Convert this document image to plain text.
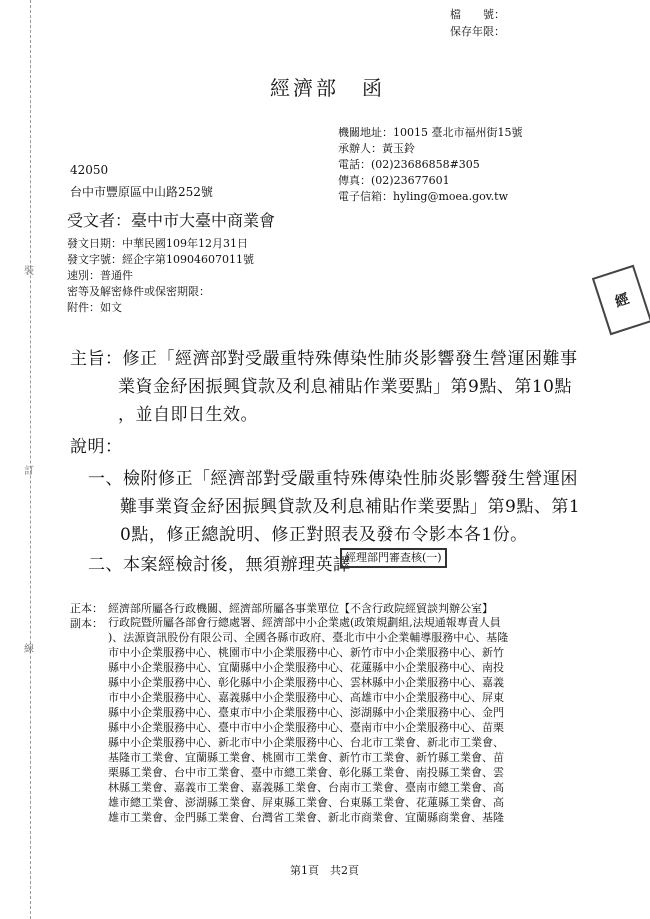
裝
訂
線
檔　　號：
保存年限：
經濟部　函
機關地址：10015 臺北市福州街15號
承辦人：黃玉鈴
電話：(02)23686858#305
傳真：(02)23677601
電子信箱：hyling@moea.gov.tw
42050
台中市豐原區中山路252號
受文者：臺中市大臺中商業會
發文日期：中華民國109年12月31日
發文字號：經企字第10904607011號
速別：普通件
密等及解密條件或保密期限：
附件：如文	經
主旨：修正「經濟部對受嚴重特殊傳染性肺炎影響發生營運困難事
業資金紓困振興貸款及利息補貼作業要點」第9點、第10點
，並自即日生效。
說明：
一、檢附修正「經濟部對受嚴重特殊傳染性肺炎影響發生營運困
難事業資金紓困振興貸款及利息補貼作業要點」第9點、第1
0點，修正總說明、修正對照表及發布令影本各1份。
二、本案經檢討後，無須辦理英譯
經理部門審查核(一)
正本： 經濟部所屬各行政機關、經濟部所屬各事業單位【不含行政院經貿談判辦公室】
副本： 行政院暨所屬各部會行總處署、經濟部中小企業處(政策規劃組,法規通報專責人員
)、法源資訊股份有限公司、全國各縣市政府、臺北市中小企業輔導服務中心、基隆
市中小企業服務中心、桃園市中小企業服務中心、新竹市中小企業服務中心、新竹
縣中小企業服務中心、宜蘭縣中小企業服務中心、花蓮縣中小企業服務中心、南投
縣中小企業服務中心、彰化縣中小企業服務中心、雲林縣中小企業服務中心、嘉義
市中小企業服務中心、嘉義縣中小企業服務中心、高雄市中小企業服務中心、屏東
縣中小企業服務中心、臺東市中小企業服務中心、澎湖縣中小企業服務中心、金門
縣中小企業服務中心、臺中市中小企業服務中心、臺南市中小企業服務中心、苗栗
縣中小企業服務中心、新北市中小企業服務中心、台北市工業會、新北市工業會、
基隆市工業會、宜蘭縣工業會、桃園市工業會、新竹市工業會、新竹縣工業會、苗
栗縣工業會、台中市工業會、臺中市總工業會、彰化縣工業會、南投縣工業會、雲
林縣工業會、嘉義市工業會、嘉義縣工業會、台南市工業會、臺南市總工業會、高
雄市總工業會、澎湖縣工業會、屏東縣工業會、台東縣工業會、花蓮縣工業會、高
雄市工業會、金門縣工業會、台灣省工業會、新北市商業會、宜蘭縣商業會、基隆
第1頁　共2頁
